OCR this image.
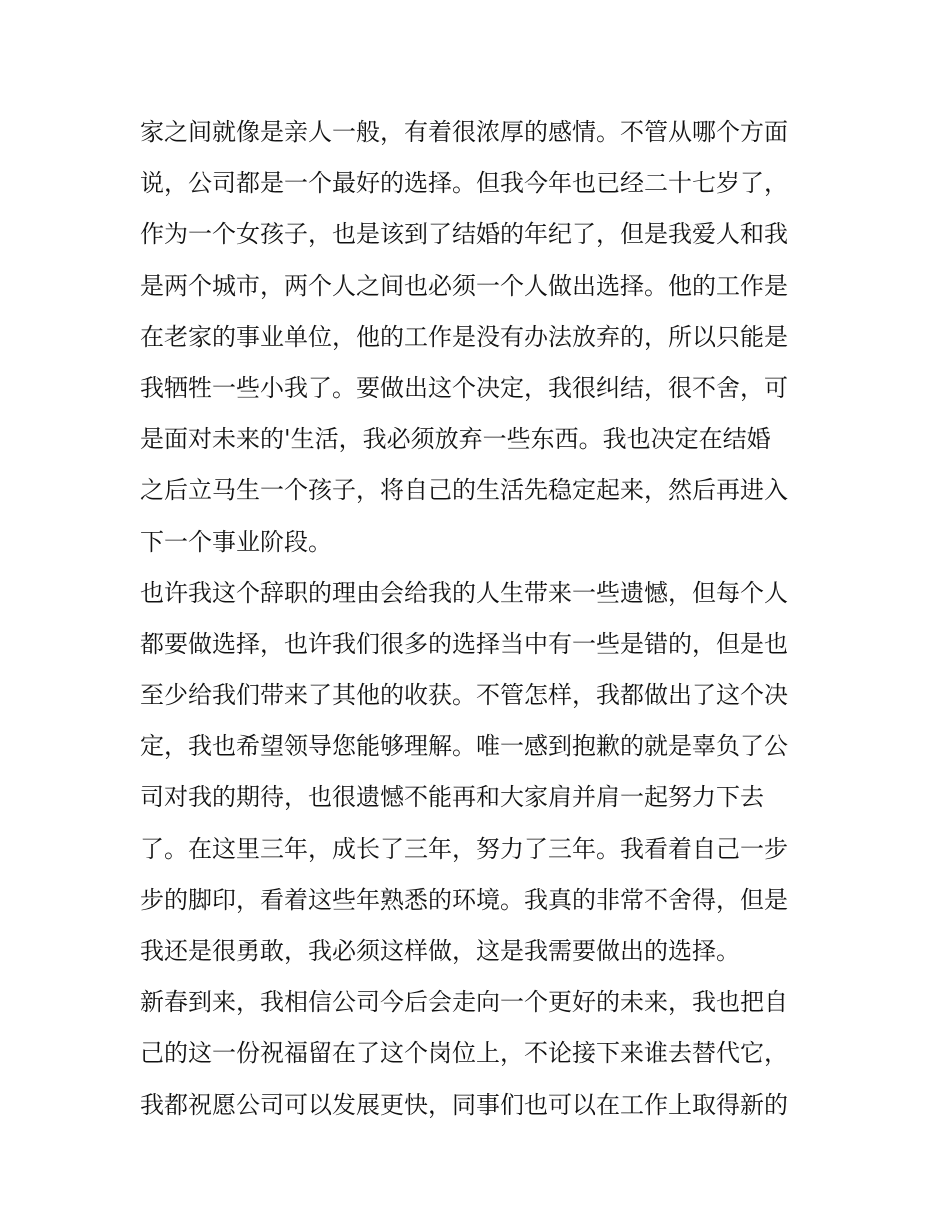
家之间就像是亲人一般，有着很浓厚的感情。不管从哪个方面
说，公司都是一个最好的选择。但我今年也已经二十七岁了，
作为一个女孩子，也是该到了结婚的年纪了，但是我爱人和我
是两个城市，两个人之间也必须一个人做出选择。他的工作是
在老家的事业单位，他的工作是没有办法放弃的，所以只能是
我牺牲一些小我了。要做出这个决定，我很纠结，很不舍，可
是面对未来的'生活，我必须放弃一些东西。我也决定在结婚
之后立马生一个孩子，将自己的生活先稳定起来，然后再进入
下一个事业阶段。
也许我这个辞职的理由会给我的人生带来一些遗憾，但每个人
都要做选择，也许我们很多的选择当中有一些是错的，但是也
至少给我们带来了其他的收获。不管怎样，我都做出了这个决
定，我也希望领导您能够理解。唯一感到抱歉的就是辜负了公
司对我的期待，也很遗憾不能再和大家肩并肩一起努力下去
了。在这里三年，成长了三年，努力了三年。我看着自己一步
步的脚印，看着这些年熟悉的环境。我真的非常不舍得，但是
我还是很勇敢，我必须这样做，这是我需要做出的选择。
新春到来，我相信公司今后会走向一个更好的未来，我也把自
己的这一份祝福留在了这个岗位上，不论接下来谁去替代它，
我都祝愿公司可以发展更快，同事们也可以在工作上取得新的
